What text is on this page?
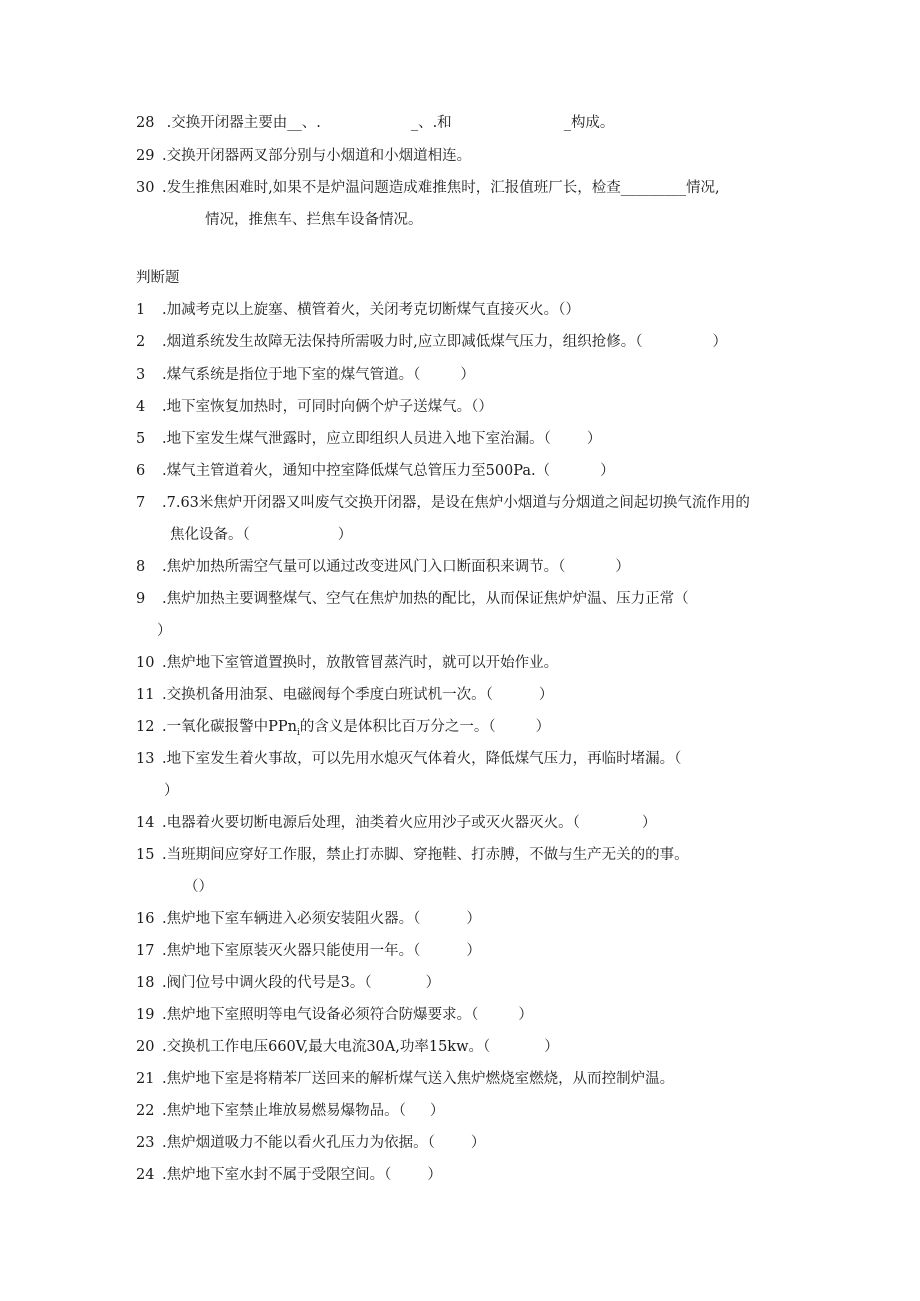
28 .交换开闭器主要由__、.	_、.和	_构成。
29 .交换开闭器两叉部分别与小烟道和小烟道相连。
30 .发生推焦困难时,如果不是炉温问题造成难推焦时，汇报值班厂长，检查_________情况,
情况，推焦车、拦焦车设备情况。
判断题
1 .加减考克以上旋塞、横管着火，关闭考克切断煤气直接灭火。（）
2 .烟道系统发生故障无法保持所需吸力时,应立即减低煤气压力，组织抢修。（	）
3 .煤气系统是指位于地下室的煤气管道。（	）
4 .地下室恢复加热时，可同时向俩个炉子送煤气。（）
5 .地下室发生煤气泄露时，应立即组织人员进入地下室治漏。（ ）
6 .煤气主管道着火，通知中控室降低煤气总管压力至500Pa.（	）
7 .7.63米焦炉开闭器又叫废气交换开闭器，是设在焦炉小烟道与分烟道之间起切换气流作用的
焦化设备。（	）
8 .焦炉加热所需空气量可以通过改变进风门入口断面积来调节。（	）
9 .焦炉加热主要调整煤气、空气在焦炉加热的配比，从而保证焦炉炉温、压力正常（
）
10 .焦炉地下室管道置换时，放散管冒蒸汽时，就可以开始作业。
11 .交换机备用油泵、电磁阀每个季度白班试机一次。（	）
12 .一氧化碳报警中PPn$_i$的含义是体积比百万分之一。（	）
13 .地下室发生着火事故，可以先用水熄灭气体着火，降低煤气压力，再临时堵漏。（
）
14 .电器着火要切断电源后处理，油类着火应用沙子或灭火器灭火。（	）
15 .当班期间应穿好工作服，禁止打赤脚、穿拖鞋、打赤膊，不做与生产无关的的事。
（）
16 .焦炉地下室车辆进入必须安装阻火器。（	）
17 .焦炉地下室原装灭火器只能使用一年。（	）
18 .阀门位号中调火段的代号是3。（	）
19 .焦炉地下室照明等电气设备必须符合防爆要求。（	）
20 .交换机工作电压660V,最大电流30A,功率15kw。（	）
21 .焦炉地下室是将精苯厂送回来的解析煤气送入焦炉燃烧室燃烧，从而控制炉温。
22 .焦炉地下室禁止堆放易燃易爆物品。（ ）
23 .焦炉烟道吸力不能以看火孔压力为依据。（ ）
24 .焦炉地下室水封不属于受限空间。（ ）
